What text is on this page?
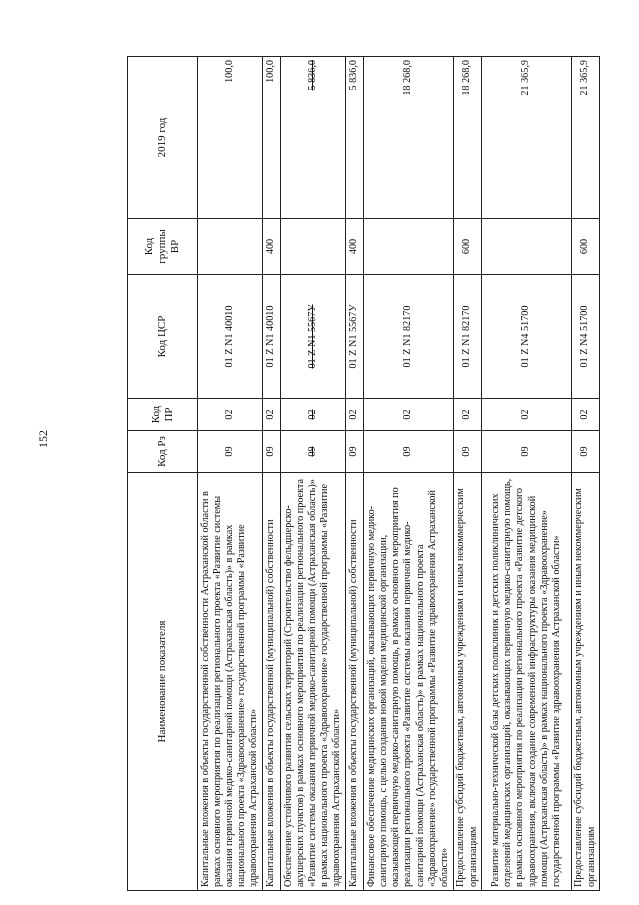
152
Наименование показателя	Код Рз	Код ПР	Код ЦСР	Код группы ВР	2019 год
Капитальные вложения в объекты государственной собственности Астраханской области в рамках основного мероприятия по реализации регионального проекта «Развитие системы оказания первичной медико-санитарной помощи (Астраханская область)» в рамках национального проекта «Здравоохранение» государственной программы «Развитие здравоохранения Астраханской области»	09	02	01 Z N1 40010		100,0
Капитальные вложения в объекты государственной (муниципальной) собственности	09	02	01 Z N1 40010	400	100,0
Обеспечение устойчивого развития сельских территорий (Строительство фельдшерско-акушерских пунктов) в рамках основного мероприятия по реализации регионального проекта «Развитие системы оказания первичной медико-санитарной помощи (Астраханская область)» в рамках национального проекта «Здравоохранение» государственной программы «Развитие здравоохранения Астраханской области»	09	02	01 Z N1 5567У		5 836,0
Капитальные вложения в объекты государственной (муниципальной) собственности	09	02	01 Z N1 5567У	400	5 836,0
Финансовое обеспечение медицинских организаций, оказывающих первичную медико-санитарную помощь, с целью создания новой модели медицинской организации, оказывающей первичную медико-санитарную помощь, в рамках основного мероприятия по реализации регионального проекта «Развитие системы оказания первичной медико-санитарной помощи (Астраханская область)» в рамках национального проекта «Здравоохранение» государственной программы «Развитие здравоохранения Астраханской области»	09	02	01 Z N1 82170		18 268,0
Предоставление субсидий бюджетным, автономным учреждениям и иным некоммерческим организациям	09	02	01 Z N1 82170	600	18 268,0
Развитие материально-технической базы детских поликлиник и детских поликлинических отделений медицинских организаций, оказывающих первичную медико-санитарную помощь, в рамках основного мероприятия по реализации регионального проекта «Развитие детского здравоохранения, включая создание современной инфраструктуры оказания медицинской помощи (Астраханская область)» в рамках национального проекта «Здравоохранение» государственной программы «Развитие здравоохранения Астраханской области»	09	02	01 Z N4 51700		21 365,9
Предоставление субсидий бюджетным, автономным учреждениям и иным некоммерческим организациям	09	02	01 Z N4 51700	600	21 365,9
